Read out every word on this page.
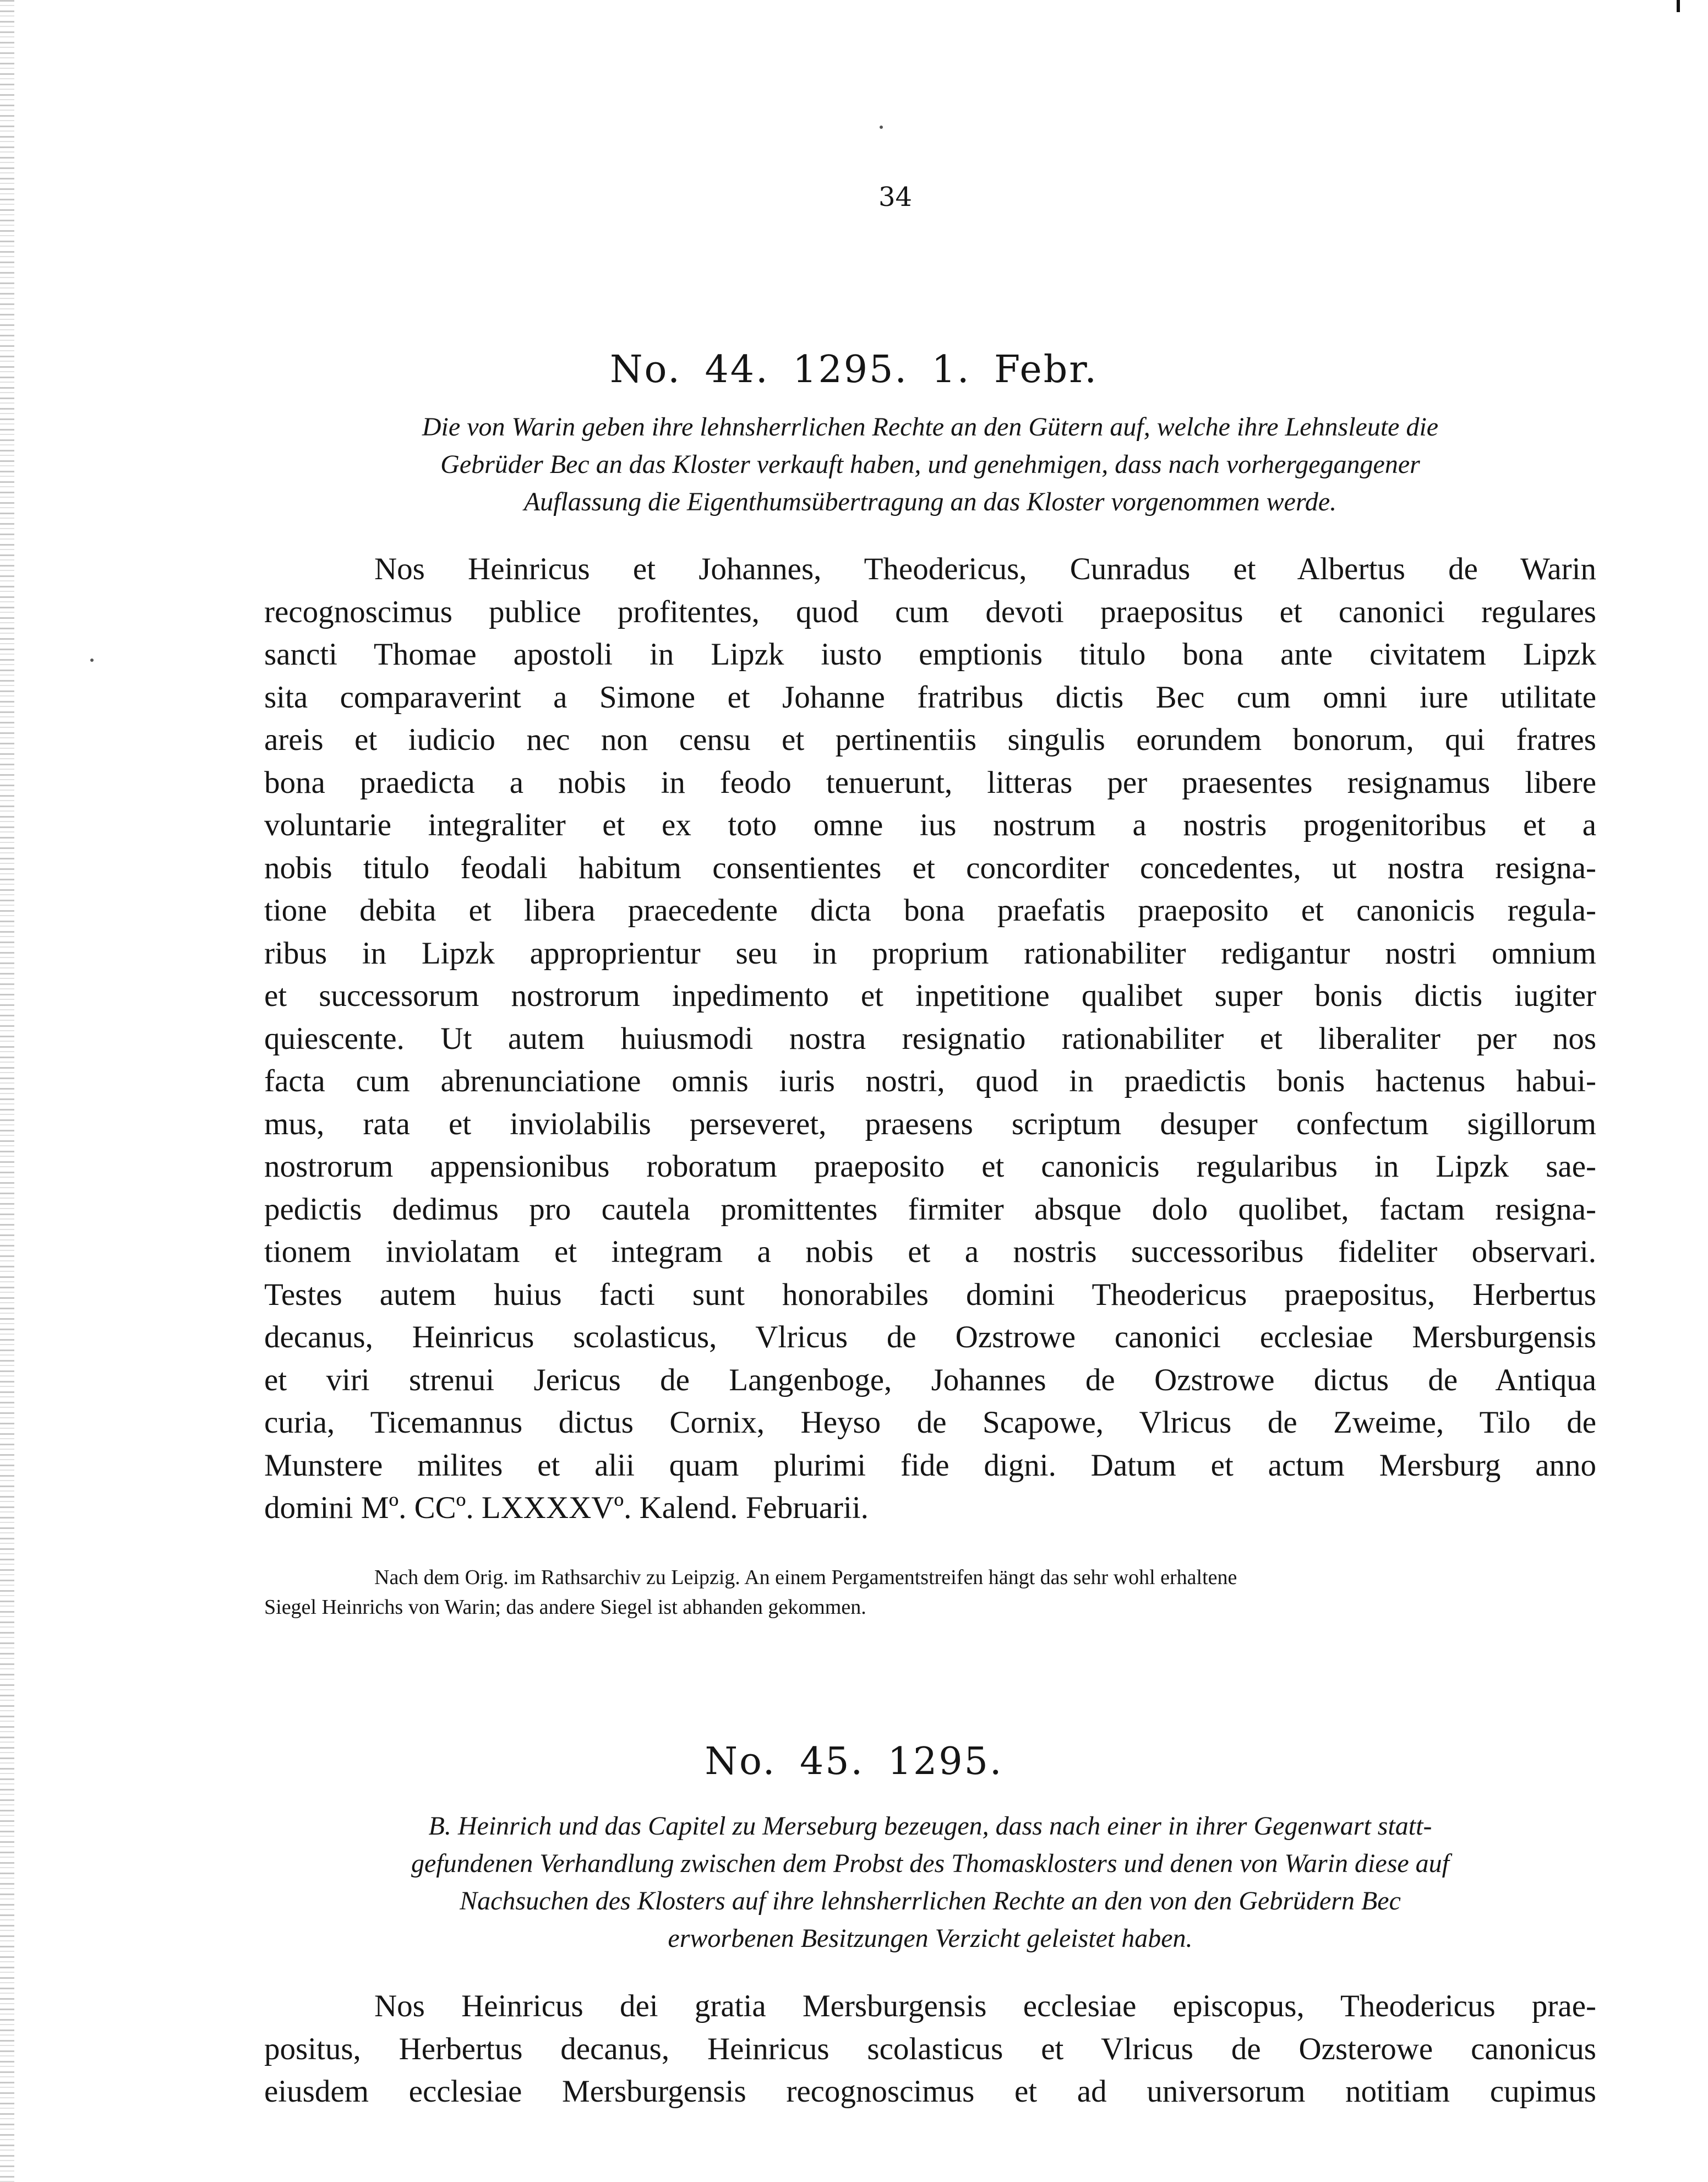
34
No. 44. 1295. 1. Febr.
Die von Warin geben ihre lehnsherrlichen Rechte an den Gütern auf, welche ihre Lehnsleute die
Gebrüder Bec an das Kloster verkauft haben, und genehmigen, dass nach vorhergegangener
Auflassung die Eigenthumsübertragung an das Kloster vorgenommen werde.
Nos Heinricus et Johannes, Theodericus, Cunradus et Albertus de Warin
recognoscimus publice profitentes, quod cum devoti praepositus et canonici regulares
sancti Thomae apostoli in Lipzk iusto emptionis titulo bona ante civitatem Lipzk
sita comparaverint a Simone et Johanne fratribus dictis Bec cum omni iure utilitate
areis et iudicio nec non censu et pertinentiis singulis eorundem bonorum, qui fratres
bona praedicta a nobis in feodo tenuerunt, litteras per praesentes resignamus libere
voluntarie integraliter et ex toto omne ius nostrum a nostris progenitoribus et a
nobis titulo feodali habitum consentientes et concorditer concedentes, ut nostra resigna-
tione debita et libera praecedente dicta bona praefatis praeposito et canonicis regula-
ribus in Lipzk approprientur seu in proprium rationabiliter redigantur nostri omnium
et successorum nostrorum inpedimento et inpetitione qualibet super bonis dictis iugiter
quiescente. Ut autem huiusmodi nostra resignatio rationabiliter et liberaliter per nos
facta cum abrenunciatione omnis iuris nostri, quod in praedictis bonis hactenus habui-
mus, rata et inviolabilis perseveret, praesens scriptum desuper confectum sigillorum
nostrorum appensionibus roboratum praeposito et canonicis regularibus in Lipzk sae-
pedictis dedimus pro cautela promittentes firmiter absque dolo quolibet, factam resigna-
tionem inviolatam et integram a nobis et a nostris successoribus fideliter observari.
Testes autem huius facti sunt honorabiles domini Theodericus praepositus, Herbertus
decanus, Heinricus scolasticus, Vlricus de Ozstrowe canonici ecclesiae Mersburgensis
et viri strenui Jericus de Langenboge, Johannes de Ozstrowe dictus de Antiqua
curia, Ticemannus dictus Cornix, Heyso de Scapowe, Vlricus de Zweime, Tilo de
Munstere milites et alii quam plurimi fide digni. Datum et actum Mersburg anno
domini Mº. CCº. LXXXXVº. Kalend. Februarii.
Nach dem Orig. im Rathsarchiv zu Leipzig. An einem Pergamentstreifen hängt das sehr wohl erhaltene
Siegel Heinrichs von Warin; das andere Siegel ist abhanden gekommen.
No. 45. 1295.
B. Heinrich und das Capitel zu Merseburg bezeugen, dass nach einer in ihrer Gegenwart statt-
gefundenen Verhandlung zwischen dem Probst des Thomasklosters und denen von Warin diese auf
Nachsuchen des Klosters auf ihre lehnsherrlichen Rechte an den von den Gebrüdern Bec
erworbenen Besitzungen Verzicht geleistet haben.
Nos Heinricus dei gratia Mersburgensis ecclesiae episcopus, Theodericus prae-
positus, Herbertus decanus, Heinricus scolasticus et Vlricus de Ozsterowe canonicus
eiusdem ecclesiae Mersburgensis recognoscimus et ad universorum notitiam cupimus
